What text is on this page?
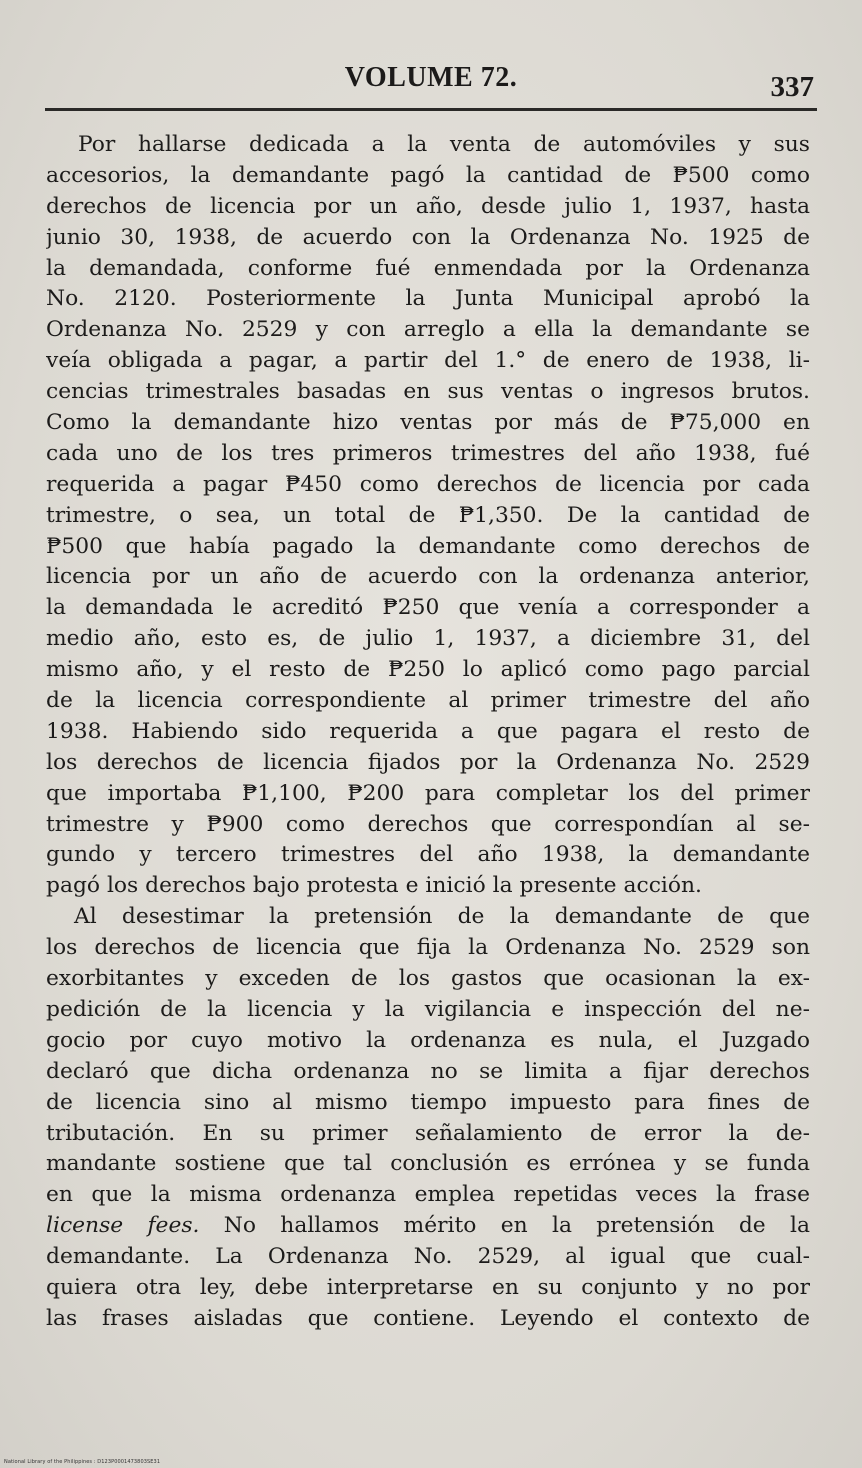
VOLUME 72.	337
Por hallarse dedicada a la venta de automóviles y sus
accesorios, la demandante pagó la cantidad de ₱500 como
derechos de licencia por un año, desde julio 1, 1937, hasta
junio 30, 1938, de acuerdo con la Ordenanza No. 1925 de
la demandada, conforme fué enmendada por la Ordenanza
No. 2120. Posteriormente la Junta Municipal aprobó la
Ordenanza No. 2529 y con arreglo a ella la demandante se
veía obligada a pagar, a partir del 1.° de enero de 1938, li-
cencias trimestrales basadas en sus ventas o ingresos brutos.
Como la demandante hizo ventas por más de ₱75,000 en
cada uno de los tres primeros trimestres del año 1938, fué
requerida a pagar ₱450 como derechos de licencia por cada
trimestre, o sea, un total de ₱1,350. De la cantidad de
₱500 que había pagado la demandante como derechos de
licencia por un año de acuerdo con la ordenanza anterior,
la demandada le acreditó ₱250 que venía a corresponder a
medio año, esto es, de julio 1, 1937, a diciembre 31, del
mismo año, y el resto de ₱250 lo aplicó como pago parcial
de la licencia correspondiente al primer trimestre del año
1938. Habiendo sido requerida a que pagara el resto de
los derechos de licencia fijados por la Ordenanza No. 2529
que importaba ₱1,100, ₱200 para completar los del primer
trimestre y ₱900 como derechos que correspondían al se-
gundo y tercero trimestres del año 1938, la demandante
pagó los derechos bajo protesta e inició la presente acción.
Al desestimar la pretensión de la demandante de que
los derechos de licencia que fija la Ordenanza No. 2529 son
exorbitantes y exceden de los gastos que ocasionan la ex-
pedición de la licencia y la vigilancia e inspección del ne-
gocio por cuyo motivo la ordenanza es nula, el Juzgado
declaró que dicha ordenanza no se limita a fijar derechos
de licencia sino al mismo tiempo impuesto para fines de
tributación. En su primer señalamiento de error la de-
mandante sostiene que tal conclusión es errónea y se funda
en que la misma ordenanza emplea repetidas veces la frase
license fees. No hallamos mérito en la pretensión de la
demandante. La Ordenanza No. 2529, al igual que cual-
quiera otra ley, debe interpretarse en su conjunto y no por
las frases aisladas que contiene. Leyendo el contexto de
National Library of the Philippines : D123P0001473803SE31
